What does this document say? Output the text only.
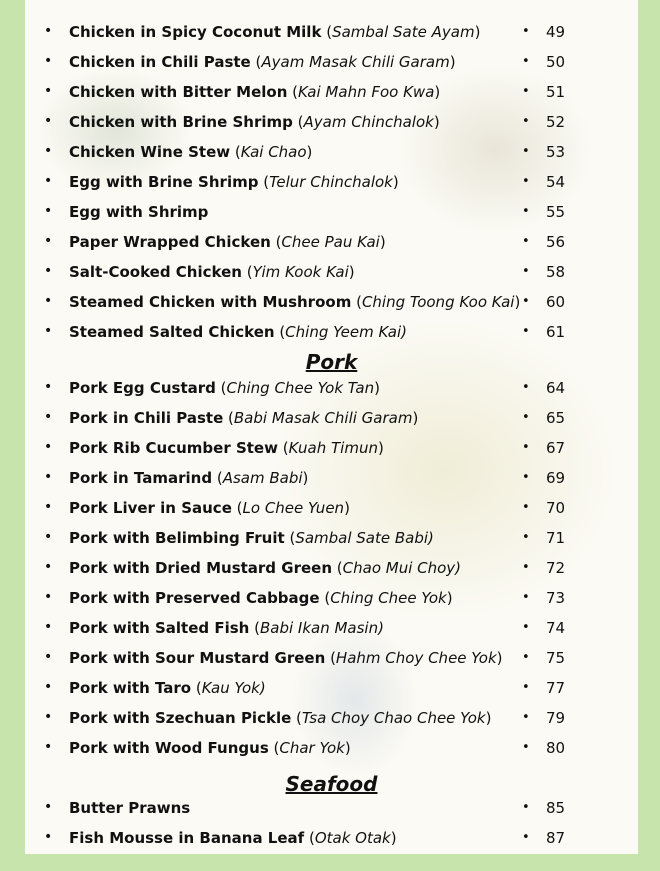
• Chicken in Spicy Coconut Milk (Sambal Sate Ayam)	• 49
• Chicken in Chili Paste (Ayam Masak Chili Garam)	• 50
• Chicken with Bitter Melon (Kai Mahn Foo Kwa)	• 51
• Chicken with Brine Shrimp (Ayam Chinchalok)	• 52
• Chicken Wine Stew (Kai Chao)	• 53
• Egg with Brine Shrimp (Telur Chinchalok)	• 54
• Egg with Shrimp	• 55
• Paper Wrapped Chicken (Chee Pau Kai)	• 56
• Salt-Cooked Chicken (Yim Kook Kai)	• 58
• Steamed Chicken with Mushroom (Ching Toong Koo Kai) • 60
• Steamed Salted Chicken (Ching Yeem Kai)	• 61
Pork
• Pork Egg Custard (Ching Chee Yok Tan)	• 64
• Pork in Chili Paste (Babi Masak Chili Garam)	• 65
• Pork Rib Cucumber Stew (Kuah Timun)	• 67
• Pork in Tamarind (Asam Babi)	• 69
• Pork Liver in Sauce (Lo Chee Yuen)	• 70
• Pork with Belimbing Fruit (Sambal Sate Babi)	• 71
• Pork with Dried Mustard Green (Chao Mui Choy)	• 72
• Pork with Preserved Cabbage (Ching Chee Yok)	• 73
• Pork with Salted Fish (Babi Ikan Masin)	• 74
• Pork with Sour Mustard Green (Hahm Choy Chee Yok) • 75
• Pork with Taro (Kau Yok)	• 77
• Pork with Szechuan Pickle (Tsa Choy Chao Chee Yok) • 79
• Pork with Wood Fungus (Char Yok)	• 80
Seafood
• Butter Prawns	• 85
• Fish Mousse in Banana Leaf (Otak Otak)	• 87
